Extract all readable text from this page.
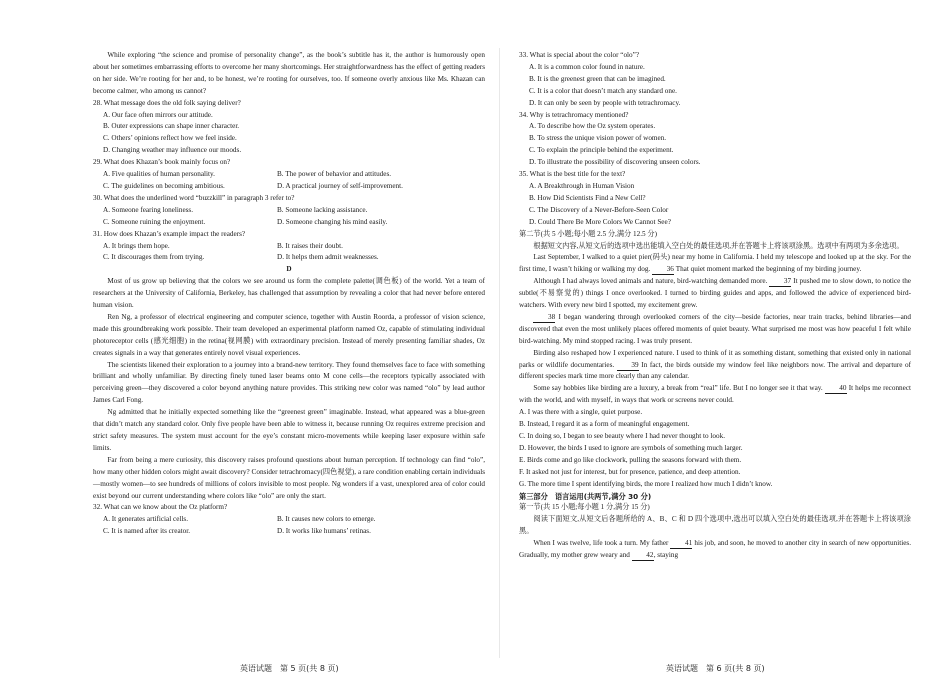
While exploring “the science and promise of personality change”, as the book’s subtitle has it, the author is humorously open about her sometimes embarrassing efforts to overcome her many shortcomings. Her straightforwardness has the effect of getting readers on her side. We’re rooting for her and, to be honest, we’re rooting for ourselves, too. If someone overly anxious like Ms. Khazan can become calmer, who among us cannot?

28. What message does the old folk saying deliver?

A. Our face often mirrors our attitude.

B. Outer expressions can shape inner character.

C. Others’ opinions reflect how we feel inside.

D. Changing weather may influence our moods.

29. What does Khazan’s book mainly focus on?

A. Five qualities of human personality.	B. The power of behavior and attitudes.
C. The guidelines on becoming ambitious.	D. A practical journey of self-improvement.

30. What does the underlined word “buzzkill” in paragraph 3 refer to?

A. Someone fearing loneliness.	B. Someone lacking assistance.
C. Someone ruining the enjoyment.	D. Someone changing his mind easily.

31. How does Khazan’s example impact the readers?

A. It brings them hope.	B. It raises their doubt.
C. It discourages them from trying.	D. It helps them admit weaknesses.

D

Most of us grow up believing that the colors we see around us form the complete palette(调色板) of the world. Yet a team of researchers at the University of California, Berkeley, has challenged that assumption by revealing a color that had never before entered human vision.

Ren Ng, a professor of electrical engineering and computer science, together with Austin Roorda, a professor of vision science, made this groundbreaking work possible. Their team developed an experimental platform named Oz, capable of stimulating individual photoreceptor cells (感光细胞) in the retina(视网膜) with extraordinary precision. Instead of merely presenting familiar shades, Oz creates signals in a way that generates entirely novel visual experiences.

The scientists likened their exploration to a journey into a brand-new territory. They found themselves face to face with something brilliant and wholly unfamiliar. By directing finely tuned laser beams onto M cone cells—the receptors typically associated with perceiving green—they discovered a color beyond anything nature provides. This striking new color was named “olo” by lead author James Carl Fong.

Ng admitted that he initially expected something like the “greenest green” imaginable. Instead, what appeared was a blue-green that didn’t match any standard color. Only five people have been able to witness it, because running Oz requires extreme precision and strict safety measures. The system must account for the eye’s constant micro-movements while keeping laser exposure within safe limits.

Far from being a mere curiosity, this discovery raises profound questions about human perception. If technology can find “olo”, how many other hidden colors might await discovery? Consider tetrachromacy(四色视觉), a rare condition enabling certain individuals—mostly women—to see hundreds of millions of colors invisible to most people. Ng wonders if a vast, unexplored area of color could exist beyond our current understanding where colors like “olo” are only the start.

32. What can we know about the Oz platform?

A. It generates artificial cells.	B. It causes new colors to emerge.
C. It is named after its creator.	D. It works like humans’ retinas.

33. What is special about the color “olo”?

A. It is a common color found in nature.

B. It is the greenest green that can be imagined.

C. It is a color that doesn’t match any standard one.

D. It can only be seen by people with tetrachromacy.

34. Why is tetrachromacy mentioned?

A. To describe how the Oz system operates.

B. To stress the unique vision power of women.

C. To explain the principle behind the experiment.

D. To illustrate the possibility of discovering unseen colors.

35. What is the best title for the text?

A. A Breakthrough in Human Vision

B. How Did Scientists Find a New Cell?

C. The Discovery of a Never-Before-Seen Color

D. Could There Be More Colors We Cannot See?

第二节(共 5 小题;每小题 2.5 分,满分 12.5 分)

根据短文内容,从短文后的选项中选出能填入空白处的最佳选项,并在答题卡上将该项涂黑。选项中有两项为多余选项。

Last September, I walked to a quiet pier(码头) near my home in California. I held my telescope and looked up at the sky. For the first time, I wasn’t hiking or walking my dog. 36 That quiet moment marked the beginning of my birding journey.

Although I had always loved animals and nature, bird-watching demanded more. 37 It pushed me to slow down, to notice the subtle(不易察觉的) things I once overlooked. I turned to birding guides and apps, and followed the advice of experienced bird-watchers. With every new bird I spotted, my excitement grew.

38 I began wandering through overlooked corners of the city—beside factories, near train tracks, behind libraries—and discovered that even the most unlikely places offered moments of quiet beauty. What surprised me most was how peaceful I felt while bird-watching. My mind stopped racing. I was truly present.

Birding also reshaped how I experienced nature. I used to think of it as something distant, something that existed only in national parks or wildlife documentaries. 39 In fact, the birds outside my window feel like neighbors now. The arrival and departure of different species mark time more clearly than any calendar.

Some say hobbies like birding are a luxury, a break from “real” life. But I no longer see it that way. 40 It helps me reconnect with the world, and with myself, in ways that work or screens never could.

A. I was there with a single, quiet purpose.

B. Instead, I regard it as a form of meaningful engagement.

C. In doing so, I began to see beauty where I had never thought to look.

D. However, the birds I used to ignore are symbols of something much larger.

E. Birds come and go like clockwork, pulling the seasons forward with them.

F. It asked not just for interest, but for presence, patience, and deep attention.

G. The more time I spent identifying birds, the more I realized how much I didn’t know.

第三部分　语言运用(共两节,满分 30 分)

第一节(共 15 小题;每小题 1 分,满分 15 分)

阅读下面短文,从短文后各题所给的 A、B、C 和 D 四个选项中,选出可以填入空白处的最佳选项,并在答题卡上将该项涂黑。

When I was twelve, life took a turn. My father 41 his job, and soon, he moved to another city in search of new opportunities. Gradually, my mother grew weary and 42, staying

英语试题　第 5 页(共 8 页)	英语试题　第 6 页(共 8 页)
